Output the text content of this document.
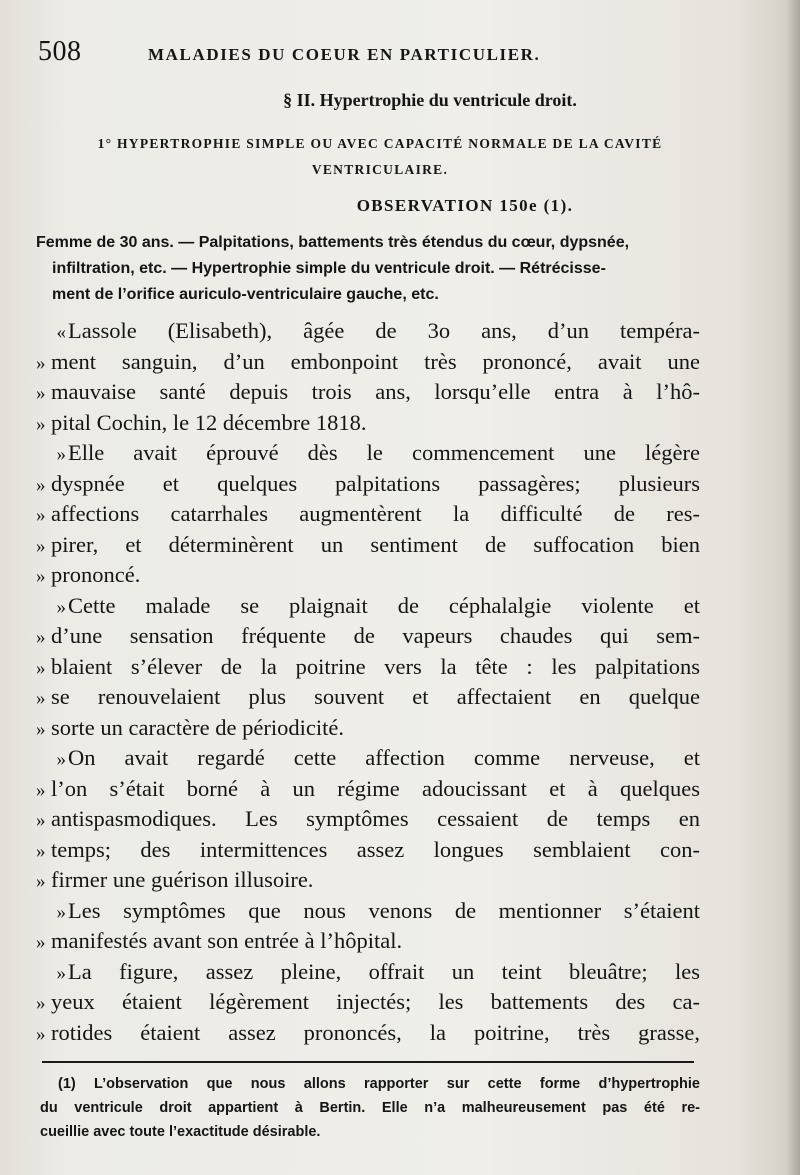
508	MALADIES DU COEUR EN PARTICULIER.
§ II. Hypertrophie du ventricule droit.
1° HYPERTROPHIE SIMPLE OU AVEC CAPACITÉ NORMALE DE LA CAVITÉ VENTRICULAIRE.
OBSERVATION 150e (1).
Femme de 30 ans. — Palpitations, battements très étendus du cœur, dypsnée,
infiltration, etc. — Hypertrophie simple du ventricule droit. — Rétrécisse-
ment de l’orifice auriculo-ventriculaire gauche, etc.
« Lassole (Elisabeth), âgée de 3o ans, d’un tempéra-
» ment sanguin, d’un embonpoint très prononcé, avait une
» mauvaise santé depuis trois ans, lorsqu’elle entra à l’hô-
» pital Cochin, le 12 décembre 1818.
» Elle avait éprouvé dès le commencement une légère
» dyspnée et quelques palpitations passagères; plusieurs
» affections catarrhales augmentèrent la difficulté de res-
» pirer, et déterminèrent un sentiment de suffocation bien
» prononcé.
» Cette malade se plaignait de céphalalgie violente et
» d’une sensation fréquente de vapeurs chaudes qui sem-
» blaient s’élever de la poitrine vers la tête : les palpitations
» se renouvelaient plus souvent et affectaient en quelque
» sorte un caractère de périodicité.
» On avait regardé cette affection comme nerveuse, et
» l’on s’était borné à un régime adoucissant et à quelques
» antispasmodiques. Les symptômes cessaient de temps en
» temps; des intermittences assez longues semblaient con-
» firmer une guérison illusoire.
» Les symptômes que nous venons de mentionner s’étaient
» manifestés avant son entrée à l’hôpital.
» La figure, assez pleine, offrait un teint bleuâtre; les
» yeux étaient légèrement injectés; les battements des ca-
» rotides étaient assez prononcés, la poitrine, très grasse,
(1) L’observation que nous allons rapporter sur cette forme d’hypertrophie
du ventricule droit appartient à Bertin. Elle n’a malheureusement pas été re-
cueillie avec toute l’exactitude désirable.
